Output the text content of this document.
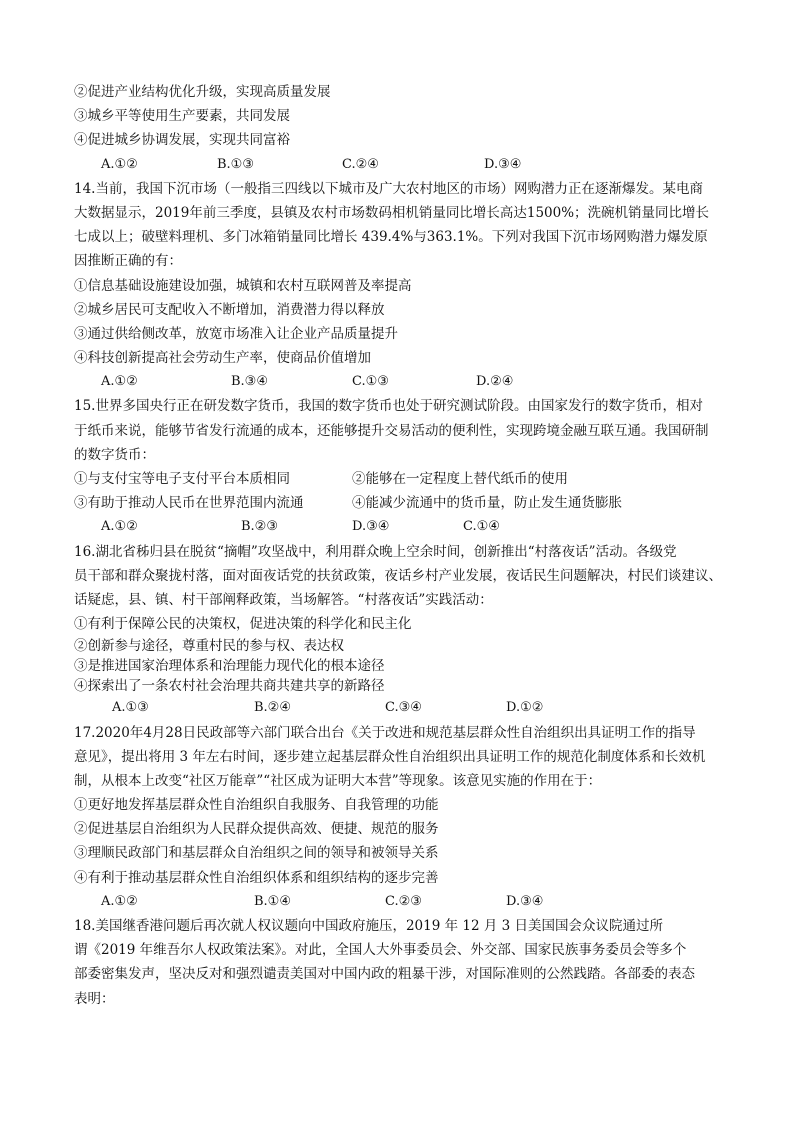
②促进产业结构优化升级，实现高质量发展
③城乡平等使用生产要素，共同发展
④促进城乡协调发展，实现共同富裕
A.①②	B.①③	C.②④	D.③④
14.当前，我国下沉市场（一般指三四线以下城市及广大农村地区的市场）网购潜力正在逐渐爆发。某电商
大数据显示，2019年前三季度，县镇及农村市场数码相机销量同比增长高达1500%；洗碗机销量同比增长
七成以上；破壁料理机、多门冰箱销量同比增长 439.4%与363.1%。下列对我国下沉市场网购潜力爆发原
因推断正确的有：
①信息基础设施建设加强，城镇和农村互联网普及率提高
②城乡居民可支配收入不断增加，消费潜力得以释放
③通过供给侧改革，放宽市场准入让企业产品质量提升
④科技创新提高社会劳动生产率，使商品价值增加
A.①②	B.③④	C.①③	D.②④
15.世界多国央行正在研发数字货币，我国的数字货币也处于研究测试阶段。由国家发行的数字货币，相对
于纸币来说，能够节省发行流通的成本，还能够提升交易活动的便利性，实现跨境金融互联互通。我国研制
的数字货币：
①与支付宝等电子支付平台本质相同	②能够在一定程度上替代纸币的使用
③有助于推动人民币在世界范围内流通	④能减少流通中的货币量，防止发生通货膨胀
A.①②	B.②③	D.③④	C.①④
16.湖北省秭归县在脱贫“摘帽”攻坚战中，利用群众晚上空余时间，创新推出“村落夜话”活动。各级党
员干部和群众聚拢村落，面对面夜话党的扶贫政策，夜话乡村产业发展，夜话民生问题解决，村民们谈建议、
话疑虑，县、镇、村干部阐释政策，当场解答。“村落夜话”实践活动：
①有利于保障公民的决策权，促进决策的科学化和民主化
②创新参与途径，尊重村民的参与权、表达权
③是推进国家治理体系和治理能力现代化的根本途径
④探索出了一条农村社会治理共商共建共享的新路径
A.①③	B.②④	C.③④	D.①②
17.2020年4月28日民政部等六部门联合出台《关于改进和规范基层群众性自治组织出具证明工作的指导
意见》，提出将用 3 年左右时间，逐步建立起基层群众性自治组织出具证明工作的规范化制度体系和长效机
制，从根本上改变“社区万能章”“社区成为证明大本营”等现象。该意见实施的作用在于：
①更好地发挥基层群众性自治组织自我服务、自我管理的功能
②促进基层自治组织为人民群众提供高效、便捷、规范的服务
③理顺民政部门和基层群众自治组织之间的领导和被领导关系
④有利于推动基层群众性自治组织体系和组织结构的逐步完善
A.①②	B.①④	C.②③	D.③④
18.美国继香港问题后再次就人权议题向中国政府施压，2019 年 12 月 3 日美国国会众议院通过所
谓《2019 年维吾尔人权政策法案》。对此，全国人大外事委员会、外交部、国家民族事务委员会等多个
部委密集发声，坚决反对和强烈谴责美国对中国内政的粗暴干涉，对国际准则的公然践踏。各部委的表态
表明：
